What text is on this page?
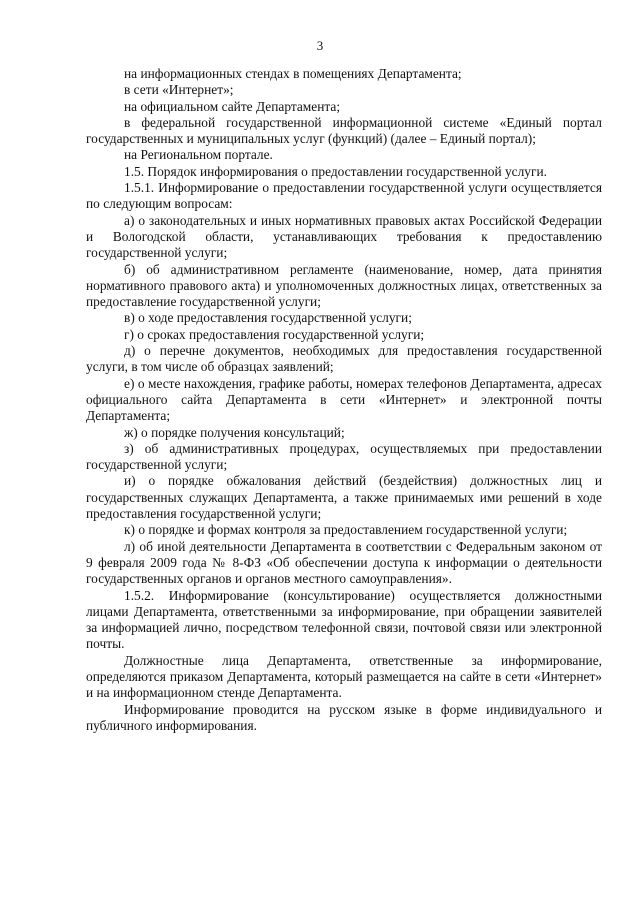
3

на информационных стендах в помещениях Департамента;

в сети «Интернет»;

на официальном сайте Департамента;

в федеральной государственной информационной системе «Единый портал государственных и муниципальных услуг (функций) (далее – Единый портал);

на Региональном портале.

1.5. Порядок информирования о предоставлении государственной услуги.

1.5.1. Информирование о предоставлении государственной услуги осуществляется по следующим вопросам:

а) о законодательных и иных нормативных правовых актах Российской Федерации и Вологодской области, устанавливающих требования к предоставлению государственной услуги;

б) об административном регламенте (наименование, номер, дата принятия нормативного правового акта) и уполномоченных должностных лицах, ответственных за предоставление государственной услуги;

в) о ходе предоставления государственной услуги;

г) о сроках предоставления государственной услуги;

д) о перечне документов, необходимых для предоставления государственной услуги, в том числе об образцах заявлений;

е) о месте нахождения, графике работы, номерах телефонов Департамента, адресах официального сайта Департамента в сети «Интернет» и электронной почты Департамента;

ж) о порядке получения консультаций;

з) об административных процедурах, осуществляемых при предоставлении государственной услуги;

и) о порядке обжалования действий (бездействия) должностных лиц и государственных служащих Департамента, а также принимаемых ими решений в ходе предоставления государственной услуги;

к) о порядке и формах контроля за предоставлением государственной услуги;

л) об иной деятельности Департамента в соответствии с Федеральным законом от 9 февраля 2009 года № 8-ФЗ «Об обеспечении доступа к информации о деятельности государственных органов и органов местного самоуправления».

1.5.2. Информирование (консультирование) осуществляется должностными лицами Департамента, ответственными за информирование, при обращении заявителей за информацией лично, посредством телефонной связи, почтовой связи или электронной почты.

Должностные лица Департамента, ответственные за информирование, определяются приказом Департамента, который размещается на сайте в сети «Интернет» и на информационном стенде Департамента.

Информирование проводится на русском языке в форме индивидуального и публичного информирования.
